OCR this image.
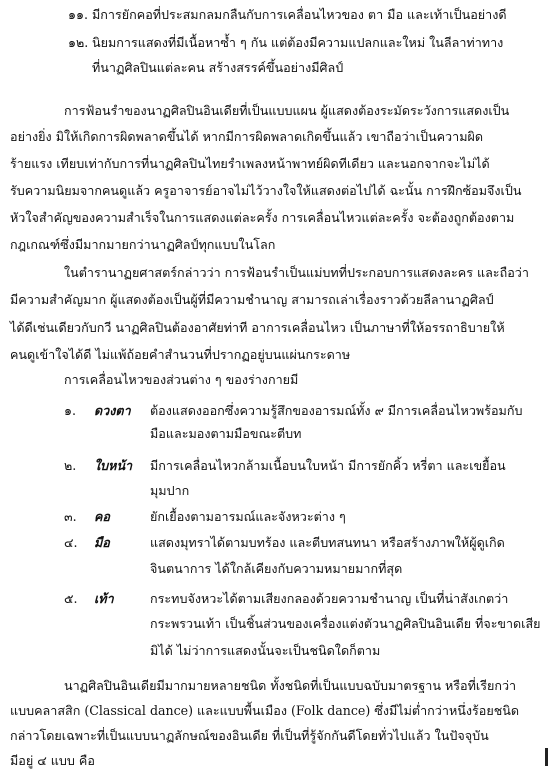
๑๑. มีการยักคอที่ประสมกลมกลืนกับการเคลื่อนไหวของ ตา มือ และเท้าเป็นอย่างดี
๑๒. นิยมการแสดงที่มีเนื้อหาซ้ำ ๆ กัน แต่ต้องมีความแปลกและใหม่ ในลีลาท่าทาง
ที่นาฏศิลปินแต่ละคน สร้างสรรค์ขึ้นอย่างมีศิลป์
การฟ้อนรำของนาฏศิลปินอินเดียที่เป็นแบบแผน ผู้แสดงต้องระมัดระวังการแสดงเป็น
อย่างยิ่ง มิให้เกิดการผิดพลาดขึ้นได้ หากมีการผิดพลาดเกิดขึ้นแล้ว เขาถือว่าเป็นความผิด
ร้ายแรง เทียบเท่ากับการที่นาฏศิลปินไทยรำเพลงหน้าพาทย์ผิดทีเดียว และนอกจากจะไม่ได้
รับความนิยมจากคนดูแล้ว ครูอาจารย์อาจไม่ไว้วางใจให้แสดงต่อไปได้ ฉะนั้น การฝึกซ้อมจึงเป็น
หัวใจสำคัญของความสำเร็จในการแสดงแต่ละครั้ง การเคลื่อนไหวแต่ละครั้ง จะต้องถูกต้องตาม
กฎเกณฑ์ซึ่งมีมากมายกว่านาฏศิลป์ทุกแบบในโลก
ในตำรานาฏยศาสตร์กล่าวว่า การฟ้อนรำเป็นแม่บทที่ประกอบการแสดงละคร และถือว่า
มีความสำคัญมาก ผู้แสดงต้องเป็นผู้ที่มีความชำนาญ สามารถเล่าเรื่องราวด้วยลีลานาฏศิลป์
ได้ดีเช่นเดียวกับกวี นาฏศิลปินต้องอาศัยท่าที อาการเคลื่อนไหว เป็นภาษาที่ให้อรรถาธิบายให้
คนดูเข้าใจได้ดี ไม่แพ้ถ้อยคำสำนวนที่ปรากฏอยู่บนแผ่นกระดาษ
การเคลื่อนไหวของส่วนต่าง ๆ ของร่างกายมี
๑. ดวงตา ต้องแสดงออกซึ่งความรู้สึกของอารมณ์ทั้ง ๙ มีการเคลื่อนไหวพร้อมกับ
มือและมองตามมือขณะตีบท
๒. ใบหน้า มีการเคลื่อนไหวกล้ามเนื้อบนใบหน้า มีการยักคิ้ว หรี่ตา และเขยื้อน
มุมปาก
๓. คอ	ยักเยื้องตามอารมณ์และจังหวะต่าง ๆ
๔. มือ	แสดงมุทราได้ตามบทร้อง และตีบทสนทนา หรือสร้างภาพให้ผู้ดูเกิด
จินตนาการ ได้ใกล้เคียงกับความหมายมากที่สุด
๕. เท้า	กระทบจังหวะได้ตามเสียงกลองด้วยความชำนาญ เป็นที่น่าสังเกตว่า
กระพรวนเท้า เป็นชิ้นส่วนของเครื่องแต่งตัวนาฏศิลปินอินเดีย ที่จะขาดเสีย
มิได้ ไม่ว่าการแสดงนั้นจะเป็นชนิดใดก็ตาม
นาฏศิลปินอินเดียมีมากมายหลายชนิด ทั้งชนิดที่เป็นแบบฉบับมาตรฐาน หรือที่เรียกว่า
แบบคลาสสิก (Classical dance) และแบบพื้นเมือง (Folk dance) ซึ่งมีไม่ต่ำกว่าหนึ่งร้อยชนิด
กล่าวโดยเฉพาะที่เป็นแบบนาฏลักษณ์ของอินเดีย ที่เป็นที่รู้จักกันดีโดยทั่วไปแล้ว ในปัจจุบัน
มีอยู่ ๔ แบบ คือ
